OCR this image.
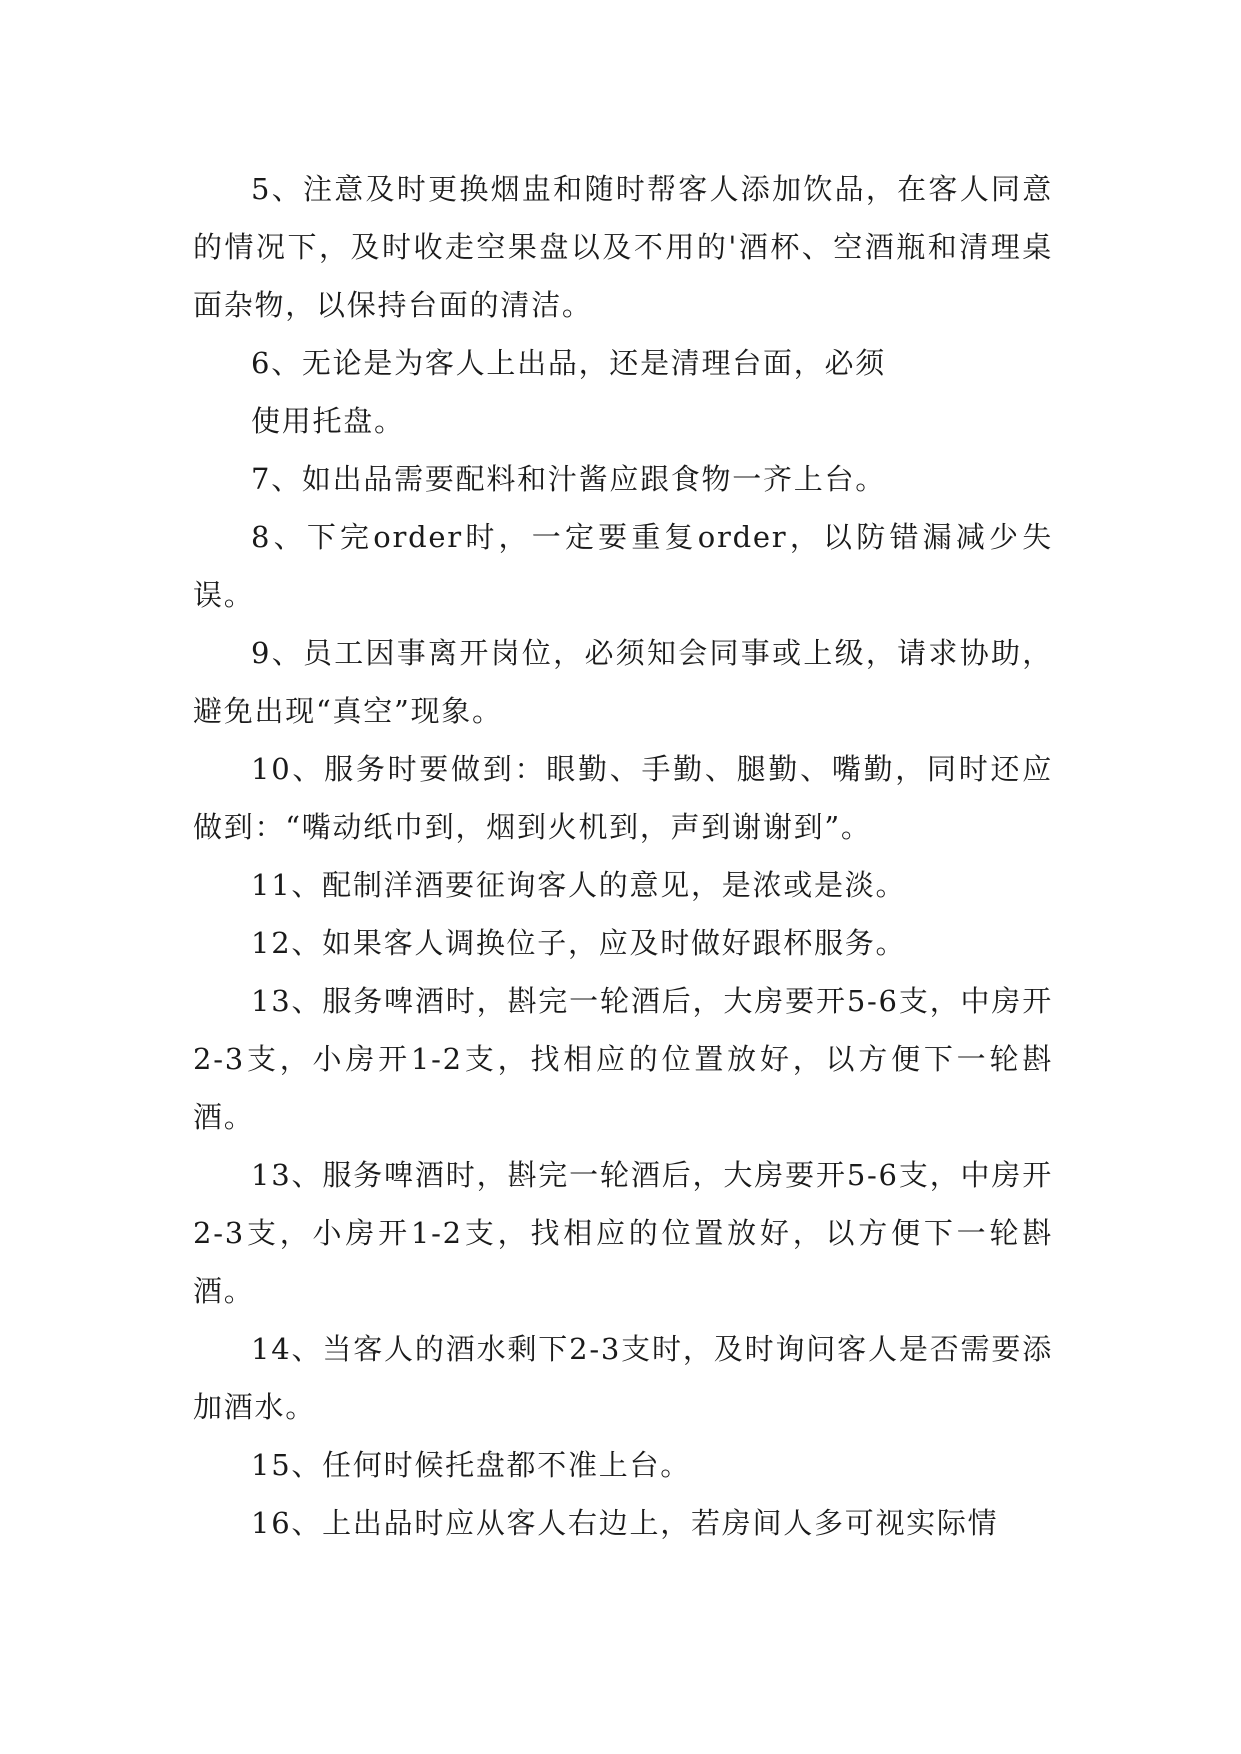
5、注意及时更换烟盅和随时帮客人添加饮品，在客人同意的情况下，及时收走空果盘以及不用的'酒杯、空酒瓶和清理桌面杂物，以保持台面的清洁。

6、无论是为客人上出品，还是清理台面，必须

使用托盘。

7、如出品需要配料和汁酱应跟食物一齐上台。

8、下完order时，一定要重复order，以防错漏减少失误。

9、员工因事离开岗位，必须知会同事或上级，请求协助，避免出现“真空”现象。

10、服务时要做到：眼勤、手勤、腿勤、嘴勤，同时还应做到：“嘴动纸巾到，烟到火机到，声到谢谢到”。

11、配制洋酒要征询客人的意见，是浓或是淡。

12、如果客人调换位子，应及时做好跟杯服务。

13、服务啤酒时，斟完一轮酒后，大房要开5-6支，中房开2-3支，小房开1-2支，找相应的位置放好，以方便下一轮斟酒。

13、服务啤酒时，斟完一轮酒后，大房要开5-6支，中房开2-3支，小房开1-2支，找相应的位置放好，以方便下一轮斟酒。

14、当客人的酒水剩下2-3支时，及时询问客人是否需要添加酒水。

15、任何时候托盘都不准上台。

16、上出品时应从客人右边上，若房间人多可视实际情
